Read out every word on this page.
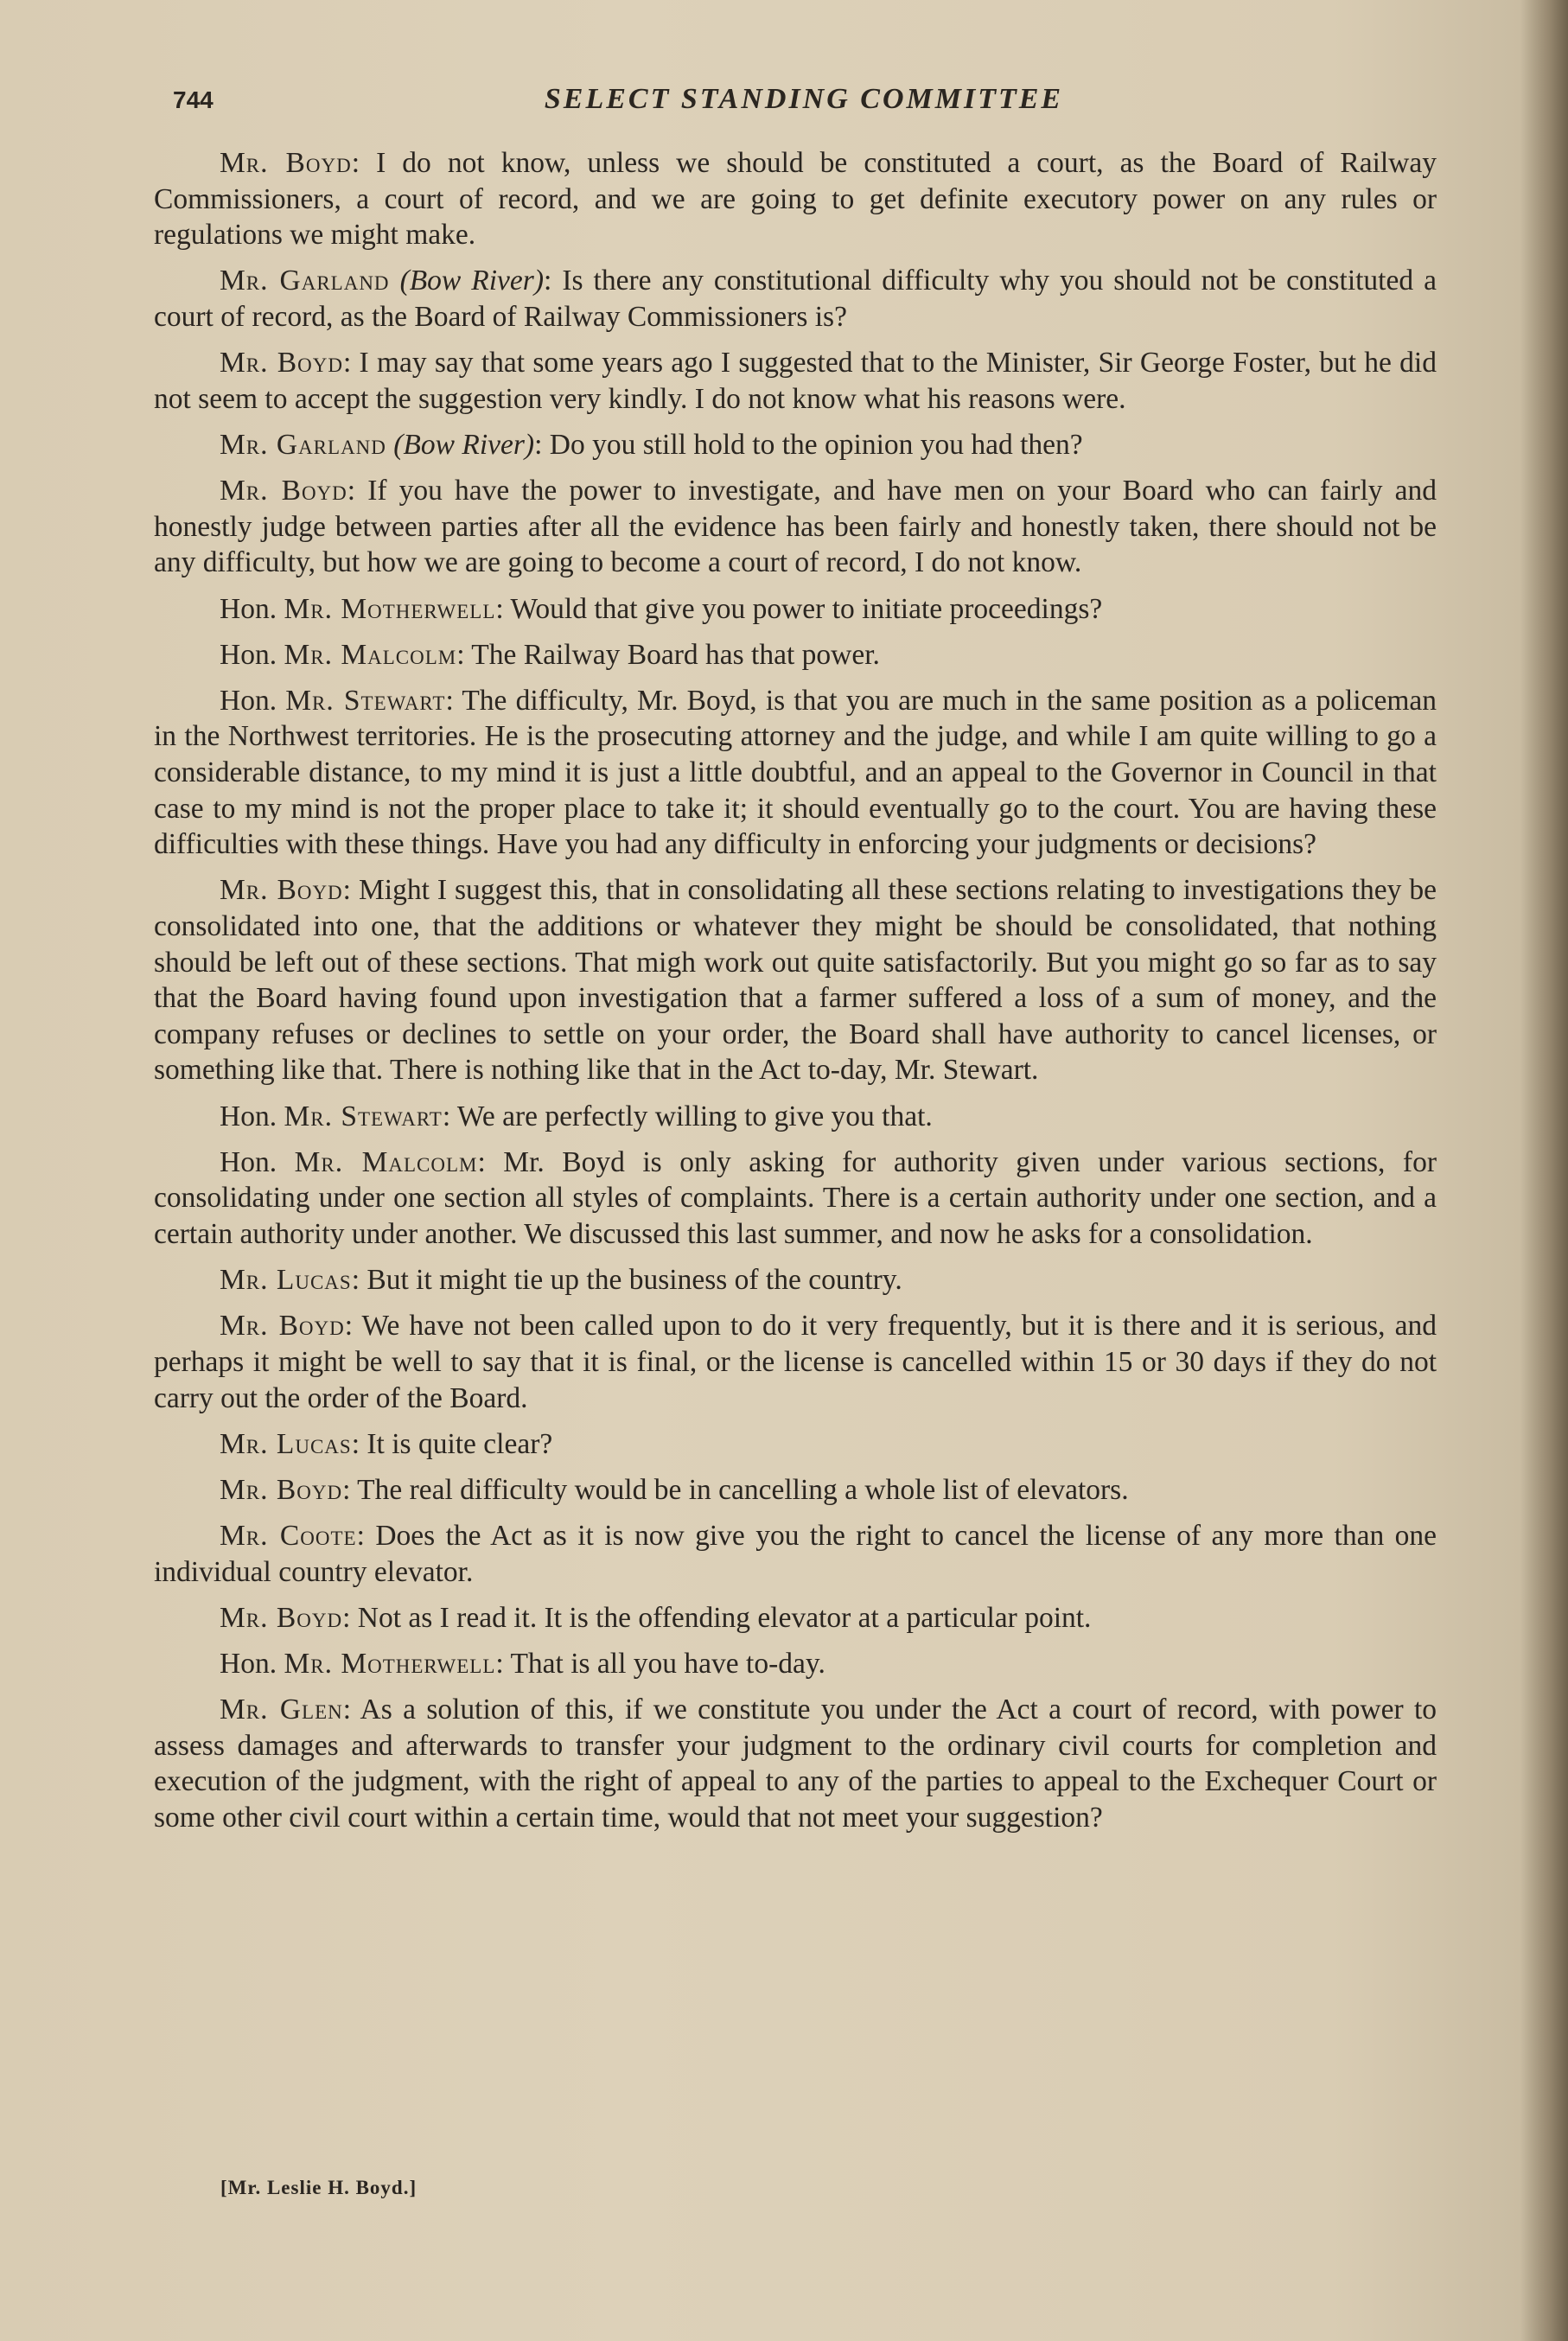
744	SELECT STANDING COMMITTEE

Mr. Boyd: I do not know, unless we should be constituted a court, as the Board of Railway Commissioners, a court of record, and we are going to get definite executory power on any rules or regulations we might make.

Mr. Garland (Bow River): Is there any constitutional difficulty why you should not be constituted a court of record, as the Board of Railway Commissioners is?

Mr. Boyd: I may say that some years ago I suggested that to the Minister, Sir George Foster, but he did not seem to accept the suggestion very kindly. I do not know what his reasons were.

Mr. Garland (Bow River): Do you still hold to the opinion you had then?

Mr. Boyd: If you have the power to investigate, and have men on your Board who can fairly and honestly judge between parties after all the evidence has been fairly and honestly taken, there should not be any difficulty, but how we are going to become a court of record, I do not know.

Hon. Mr. Motherwell: Would that give you power to initiate proceedings?

Hon. Mr. Malcolm: The Railway Board has that power.

Hon. Mr. Stewart: The difficulty, Mr. Boyd, is that you are much in the same position as a policeman in the Northwest territories. He is the prosecuting attorney and the judge, and while I am quite willing to go a considerable distance, to my mind it is just a little doubtful, and an appeal to the Governor in Council in that case to my mind is not the proper place to take it; it should eventually go to the court. You are having these difficulties with these things. Have you had any difficulty in enforcing your judgments or decisions?

Mr. Boyd: Might I suggest this, that in consolidating all these sections relating to investigations they be consolidated into one, that the additions or whatever they might be should be consolidated, that nothing should be left out of these sections. That migh work out quite satisfactorily. But you might go so far as to say that the Board having found upon investigation that a farmer suffered a loss of a sum of money, and the company refuses or declines to settle on your order, the Board shall have authority to cancel licenses, or something like that. There is nothing like that in the Act to-day, Mr. Stewart.

Hon. Mr. Stewart: We are perfectly willing to give you that.

Hon. Mr. Malcolm: Mr. Boyd is only asking for authority given under various sections, for consolidating under one section all styles of complaints. There is a certain authority under one section, and a certain authority under another. We discussed this last summer, and now he asks for a consolidation.

Mr. Lucas: But it might tie up the business of the country.

Mr. Boyd: We have not been called upon to do it very frequently, but it is there and it is serious, and perhaps it might be well to say that it is final, or the license is cancelled within 15 or 30 days if they do not carry out the order of the Board.

Mr. Lucas: It is quite clear?

Mr. Boyd: The real difficulty would be in cancelling a whole list of elevators.

Mr. Coote: Does the Act as it is now give you the right to cancel the license of any more than one individual country elevator.

Mr. Boyd: Not as I read it. It is the offending elevator at a particular point.

Hon. Mr. Motherwell: That is all you have to-day.

Mr. Glen: As a solution of this, if we constitute you under the Act a court of record, with power to assess damages and afterwards to transfer your judgment to the ordinary civil courts for completion and execution of the judgment, with the right of appeal to any of the parties to appeal to the Exchequer Court or some other civil court within a certain time, would that not meet your suggestion?

[Mr. Leslie H. Boyd.]
